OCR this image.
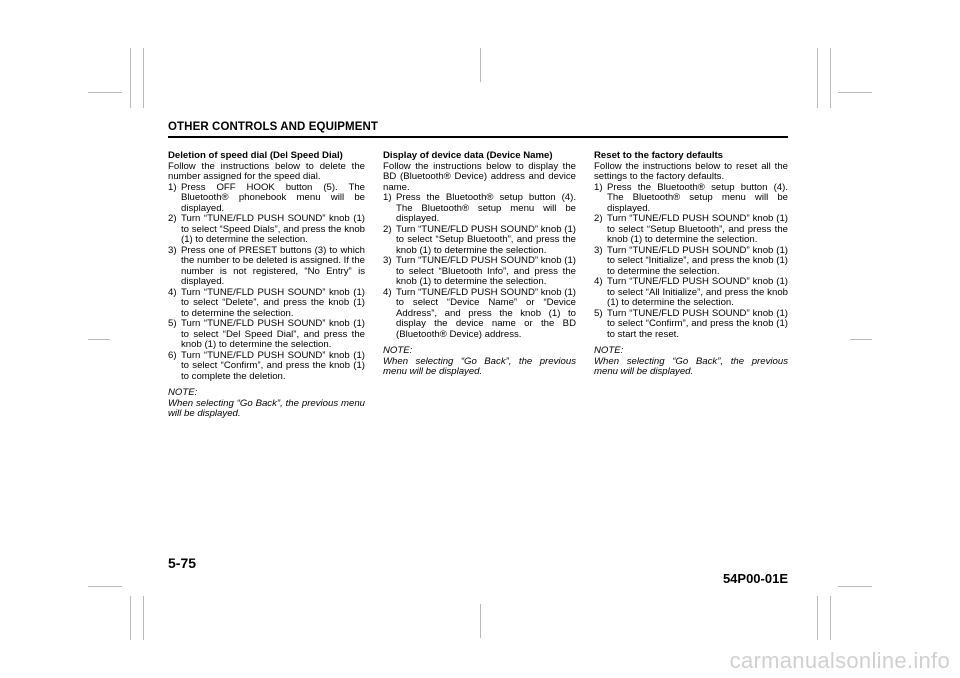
OTHER CONTROLS AND EQUIPMENT

Deletion of speed dial (Del Speed Dial)

Follow the instructions below to delete the number assigned for the speed dial.

1) Press OFF HOOK button (5). The Bluetooth® phonebook menu will be displayed.
2) Turn “TUNE/FLD PUSH SOUND” knob (1) to select “Speed Dials”, and press the knob (1) to determine the selection.
3) Press one of PRESET buttons (3) to which the number to be deleted is assigned. If the number is not registered, “No Entry” is displayed.
4) Turn “TUNE/FLD PUSH SOUND” knob (1) to select “Delete”, and press the knob (1) to determine the selection.
5) Turn “TUNE/FLD PUSH SOUND” knob (1) to select “Del Speed Dial”, and press the knob (1) to determine the selection.
6) Turn “TUNE/FLD PUSH SOUND” knob (1) to select “Confirm”, and press the knob (1) to complete the deletion.
NOTE:
When selecting “Go Back”, the previous menu will be displayed.

Display of device data (Device Name)

Follow the instructions below to display the BD (Bluetooth® Device) address and device name.

1) Press the Bluetooth® setup button (4). The Bluetooth® setup menu will be displayed.
2) Turn “TUNE/FLD PUSH SOUND” knob (1) to select “Setup Bluetooth”, and press the knob (1) to determine the selection.
3) Turn “TUNE/FLD PUSH SOUND” knob (1) to select “Bluetooth Info”, and press the knob (1) to determine the selection.
4) Turn “TUNE/FLD PUSH SOUND” knob (1) to select “Device Name” or “Device Address”, and press the knob (1) to display the device name or the BD (Bluetooth® Device) address.
NOTE:
When selecting “Go Back”, the previous menu will be displayed.

Reset to the factory defaults

Follow the instructions below to reset all the settings to the factory defaults.

1) Press the Bluetooth® setup button (4). The Bluetooth® setup menu will be displayed.
2) Turn “TUNE/FLD PUSH SOUND” knob (1) to select “Setup Bluetooth”, and press the knob (1) to determine the selection.
3) Turn “TUNE/FLD PUSH SOUND” knob (1) to select “Initialize”, and press the knob (1) to determine the selection.
4) Turn “TUNE/FLD PUSH SOUND” knob (1) to select “All Initialize”, and press the knob (1) to determine the selection.
5) Turn “TUNE/FLD PUSH SOUND” knob (1) to select “Confirm”, and press the knob (1) to start the reset.
NOTE:
When selecting “Go Back”, the previous menu will be displayed.
5-75
54P00-01E
carmanualsonline.info
